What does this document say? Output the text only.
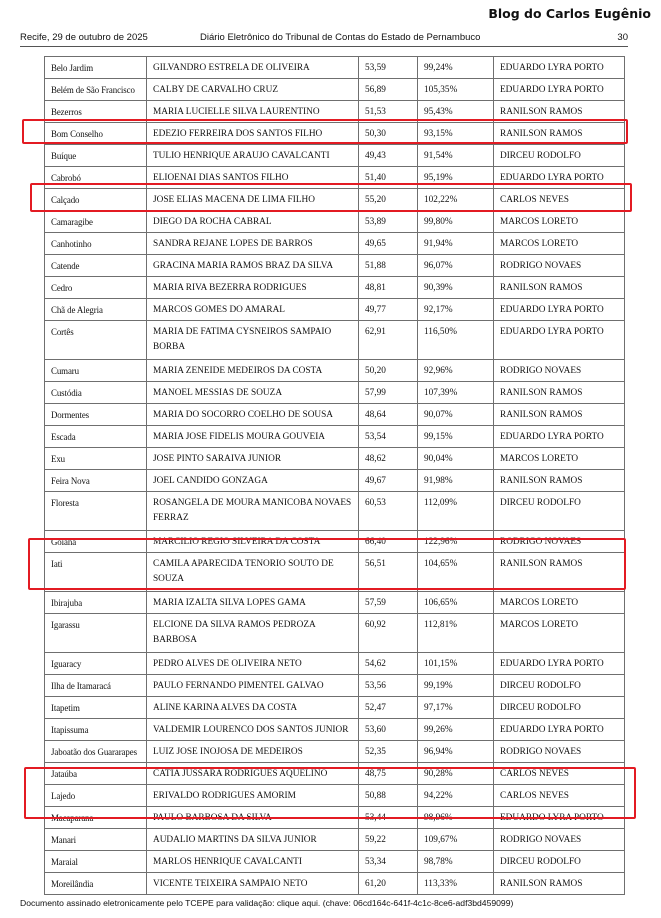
Blog do Carlos Eugênio
Recife, 29 de outubro de 2025	Diário Eletrônico do Tribunal de Contas do Estado de Pernambuco	30
Belo Jardim	GILVANDRO ESTRELA DE OLIVEIRA	53,59	99,24%	EDUARDO LYRA PORTO
Belém de São Francisco	CALBY DE CARVALHO CRUZ	56,89	105,35%	EDUARDO LYRA PORTO
Bezerros	MARIA LUCIELLE SILVA LAURENTINO	51,53	95,43%	RANILSON RAMOS
Bom Conselho	EDEZIO FERREIRA DOS SANTOS FILHO	50,30	93,15%	RANILSON RAMOS
Buíque	TULIO HENRIQUE ARAUJO CAVALCANTI	49,43	91,54%	DIRCEU RODOLFO
Cabrobó	ELIOENAI DIAS SANTOS FILHO	51,40	95,19%	EDUARDO LYRA PORTO
Calçado	JOSE ELIAS MACENA DE LIMA FILHO	55,20	102,22%	CARLOS NEVES
Camaragibe	DIEGO DA ROCHA CABRAL	53,89	99,80%	MARCOS LORETO
Canhotinho	SANDRA REJANE LOPES DE BARROS	49,65	91,94%	MARCOS LORETO
Catende	GRACINA MARIA RAMOS BRAZ DA SILVA	51,88	96,07%	RODRIGO NOVAES
Cedro	MARIA RIVA BEZERRA RODRIGUES	48,81	90,39%	RANILSON RAMOS
Chã de Alegria	MARCOS GOMES DO AMARAL	49,77	92,17%	EDUARDO LYRA PORTO
Cortês	MARIA DE FATIMA CYSNEIROS SAMPAIO BORBA	62,91	116,50%	EDUARDO LYRA PORTO
Cumaru	MARIA ZENEIDE MEDEIROS DA COSTA	50,20	92,96%	RODRIGO NOVAES
Custódia	MANOEL MESSIAS DE SOUZA	57,99	107,39%	RANILSON RAMOS
Dormentes	MARIA DO SOCORRO COELHO DE SOUSA	48,64	90,07%	RANILSON RAMOS
Escada	MARIA JOSE FIDELIS MOURA GOUVEIA	53,54	99,15%	EDUARDO LYRA PORTO
Exu	JOSE PINTO SARAIVA JUNIOR	48,62	90,04%	MARCOS LORETO
Feira Nova	JOEL CANDIDO GONZAGA	49,67	91,98%	RANILSON RAMOS
Floresta	ROSANGELA DE MOURA MANICOBA NOVAES FERRAZ	60,53	112,09%	DIRCEU RODOLFO
Goiana	MARCILIO REGIO SILVEIRA DA COSTA	66,40	122,96%	RODRIGO NOVAES
Iati	CAMILA APARECIDA TENORIO SOUTO DE SOUZA	56,51	104,65%	RANILSON RAMOS
Ibirajuba	MARIA IZALTA SILVA LOPES GAMA	57,59	106,65%	MARCOS LORETO
Igarassu	ELCIONE DA SILVA RAMOS PEDROZA BARBOSA	60,92	112,81%	MARCOS LORETO
Iguaracy	PEDRO ALVES DE OLIVEIRA NETO	54,62	101,15%	EDUARDO LYRA PORTO
Ilha de Itamaracá	PAULO FERNANDO PIMENTEL GALVAO	53,56	99,19%	DIRCEU RODOLFO
Itapetim	ALINE KARINA ALVES DA COSTA	52,47	97,17%	DIRCEU RODOLFO
Itapissuma	VALDEMIR LOURENCO DOS SANTOS JUNIOR	53,60	99,26%	EDUARDO LYRA PORTO
Jaboatão dos Guararapes	LUIZ JOSE INOJOSA DE MEDEIROS	52,35	96,94%	RODRIGO NOVAES
Jataúba	CATIA JUSSARA RODRIGUES AQUELINO	48,75	90,28%	CARLOS NEVES
Lajedo	ERIVALDO RODRIGUES AMORIM	50,88	94,22%	CARLOS NEVES
Macaparana	PAULO BARBOSA DA SILVA	53,44	98,96%	EDUARDO LYRA PORTO
Manari	AUDALIO MARTINS DA SILVA JUNIOR	59,22	109,67%	RODRIGO NOVAES
Maraial	MARLOS HENRIQUE CAVALCANTI	53,34	98,78%	DIRCEU RODOLFO
Moreilândia	VICENTE TEIXEIRA SAMPAIO NETO	61,20	113,33%	RANILSON RAMOS
Documento assinado eletronicamente pelo TCEPE para validação: clique aqui. (chave: 06cd164c-641f-4c1c-8ce6-adf3bd459099)
